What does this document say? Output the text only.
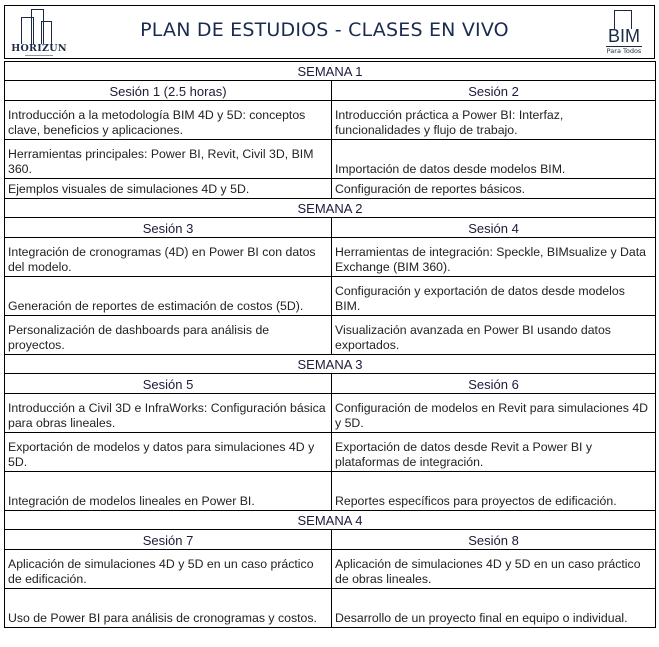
HORIZUN
PLAN DE ESTUDIOS - CLASES EN VIVO	BIM
Para Todos
SEMANA 1	
Sesión 1 (2.5 horas)	Sesión 2
Introducción a la metodología BIM 4D y 5D: conceptos clave, beneficios y aplicaciones.	Introducción práctica a Power BI: Interfaz, funcionalidades y flujo de trabajo.
Herramientas principales: Power BI, Revit, Civil 3D, BIM 360.	Importación de datos desde modelos BIM.
Ejemplos visuales de simulaciones 4D y 5D.	Configuración de reportes básicos.
SEMANA 2	
Sesión 3	Sesión 4
Integración de cronogramas (4D) en Power BI con datos del modelo.	Herramientas de integración: Speckle, BIMsualize y Data Exchange (BIM 360).
Generación de reportes de estimación de costos (5D).	Configuración y exportación de datos desde modelos BIM.
Personalización de dashboards para análisis de proyectos.	Visualización avanzada en Power BI usando datos exportados.
SEMANA 3	
Sesión 5	Sesión 6
Introducción a Civil 3D e InfraWorks: Configuración básica para obras lineales.	Configuración de modelos en Revit para simulaciones 4D y 5D.
Exportación de modelos y datos para simulaciones 4D y 5D.	Exportación de datos desde Revit a Power BI y plataformas de integración.
Integración de modelos lineales en Power BI.	Reportes específicos para proyectos de edificación.
SEMANA 4	
Sesión 7	Sesión 8
Aplicación de simulaciones 4D y 5D en un caso práctico de edificación.	Aplicación de simulaciones 4D y 5D en un caso práctico de obras lineales.
Uso de Power BI para análisis de cronogramas y costos.	Desarrollo de un proyecto final en equipo o individual.
